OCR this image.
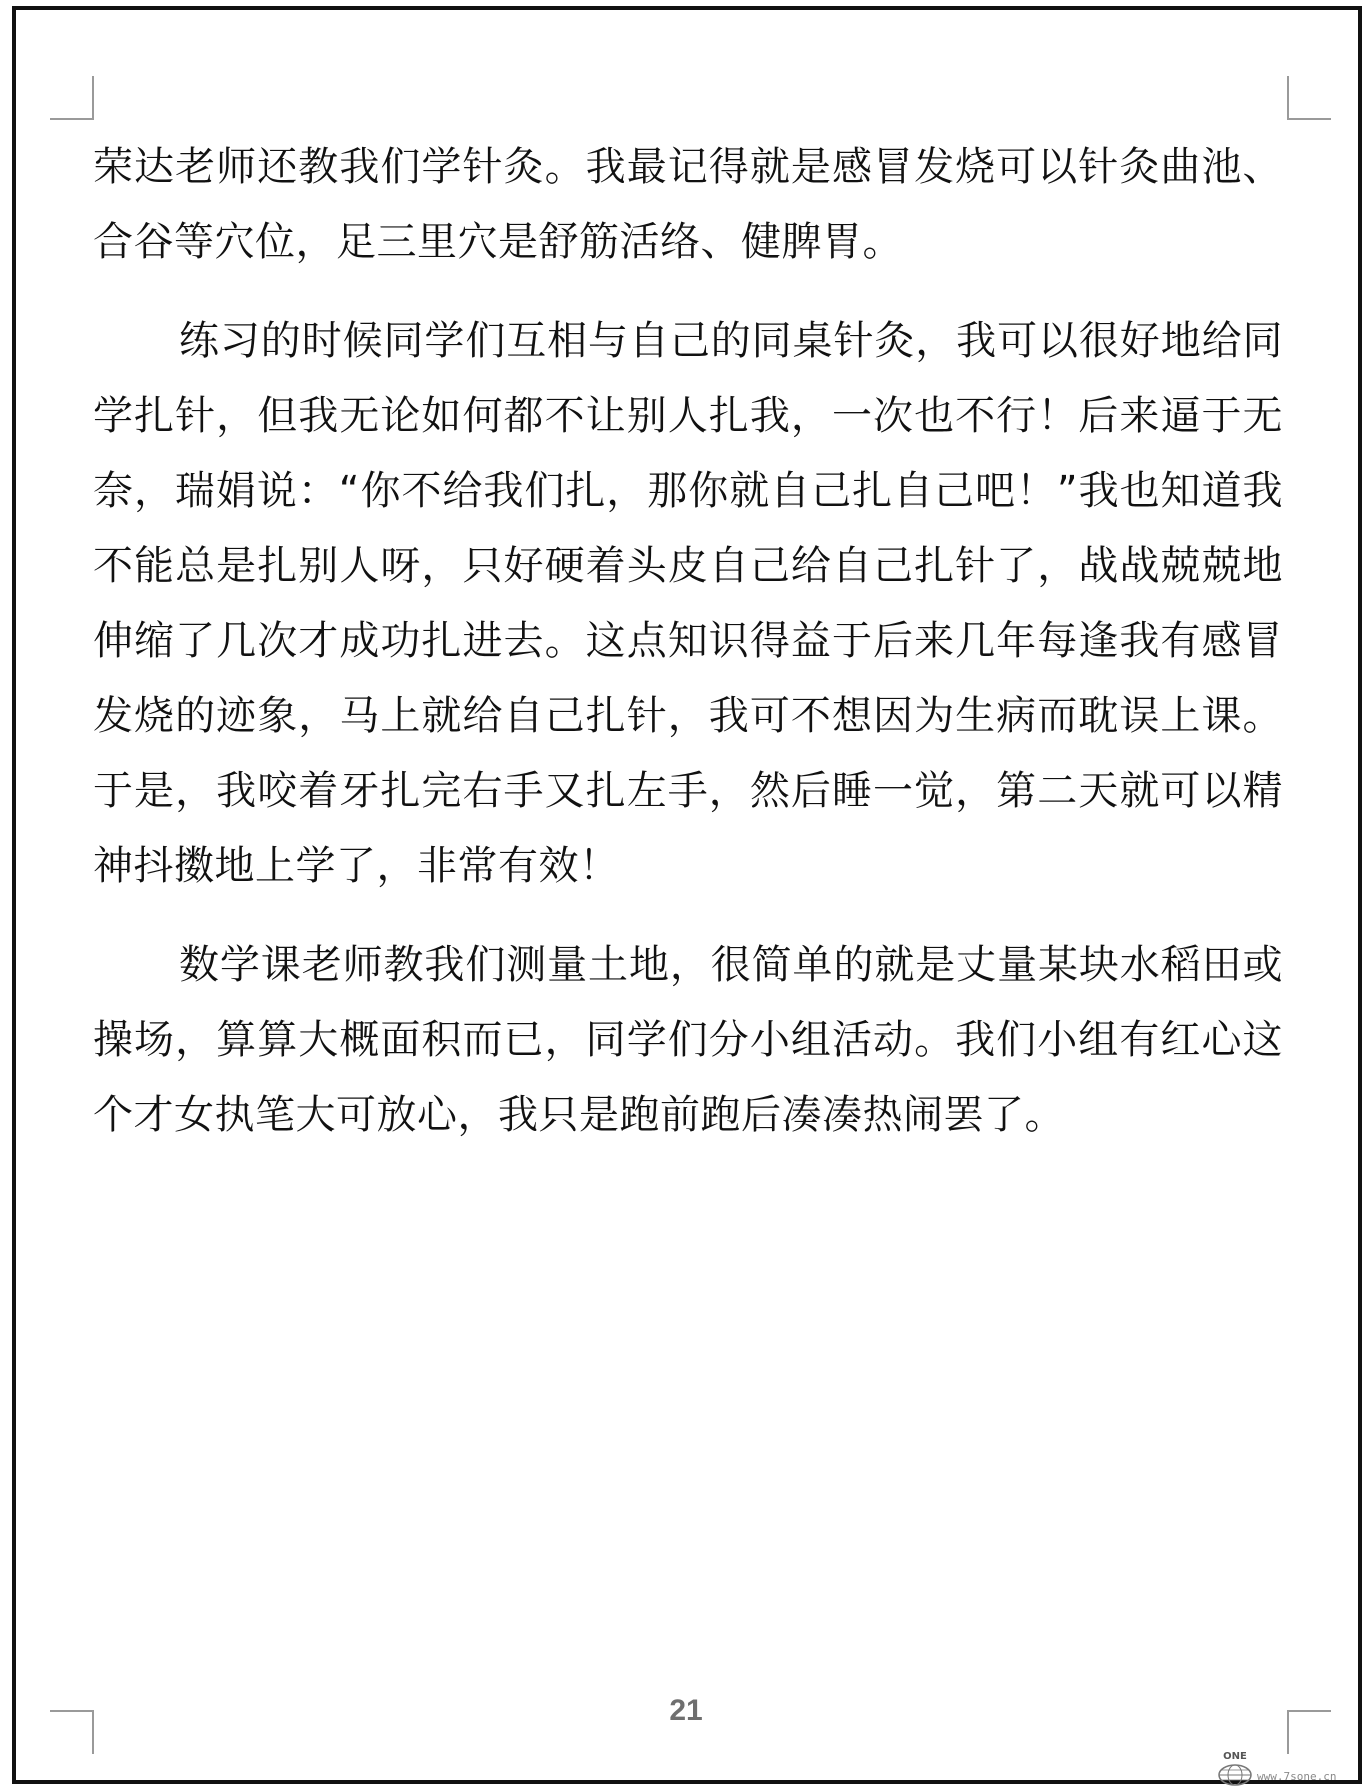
荣达老师还教我们学针灸。我最记得就是感冒发烧可以针灸曲池、合谷等穴位，足三里穴是舒筋活络、健脾胃。

练习的时候同学们互相与自己的同桌针灸，我可以很好地给同学扎针，但我无论如何都不让别人扎我，一次也不行！后来逼于无奈，瑞娟说：“你不给我们扎，那你就自己扎自己吧！”我也知道我不能总是扎别人呀，只好硬着头皮自己给自己扎针了，战战兢兢地伸缩了几次才成功扎进去。这点知识得益于后来几年每逢我有感冒发烧的迹象，马上就给自己扎针，我可不想因为生病而耽误上课。于是，我咬着牙扎完右手又扎左手，然后睡一觉，第二天就可以精神抖擞地上学了，非常有效！

数学课老师教我们测量土地，很简单的就是丈量某块水稻田或操场，算算大概面积而已，同学们分小组活动。我们小组有红心这个才女执笔大可放心，我只是跑前跑后凑凑热闹罢了。

21
ONE
www.7sone.cn
